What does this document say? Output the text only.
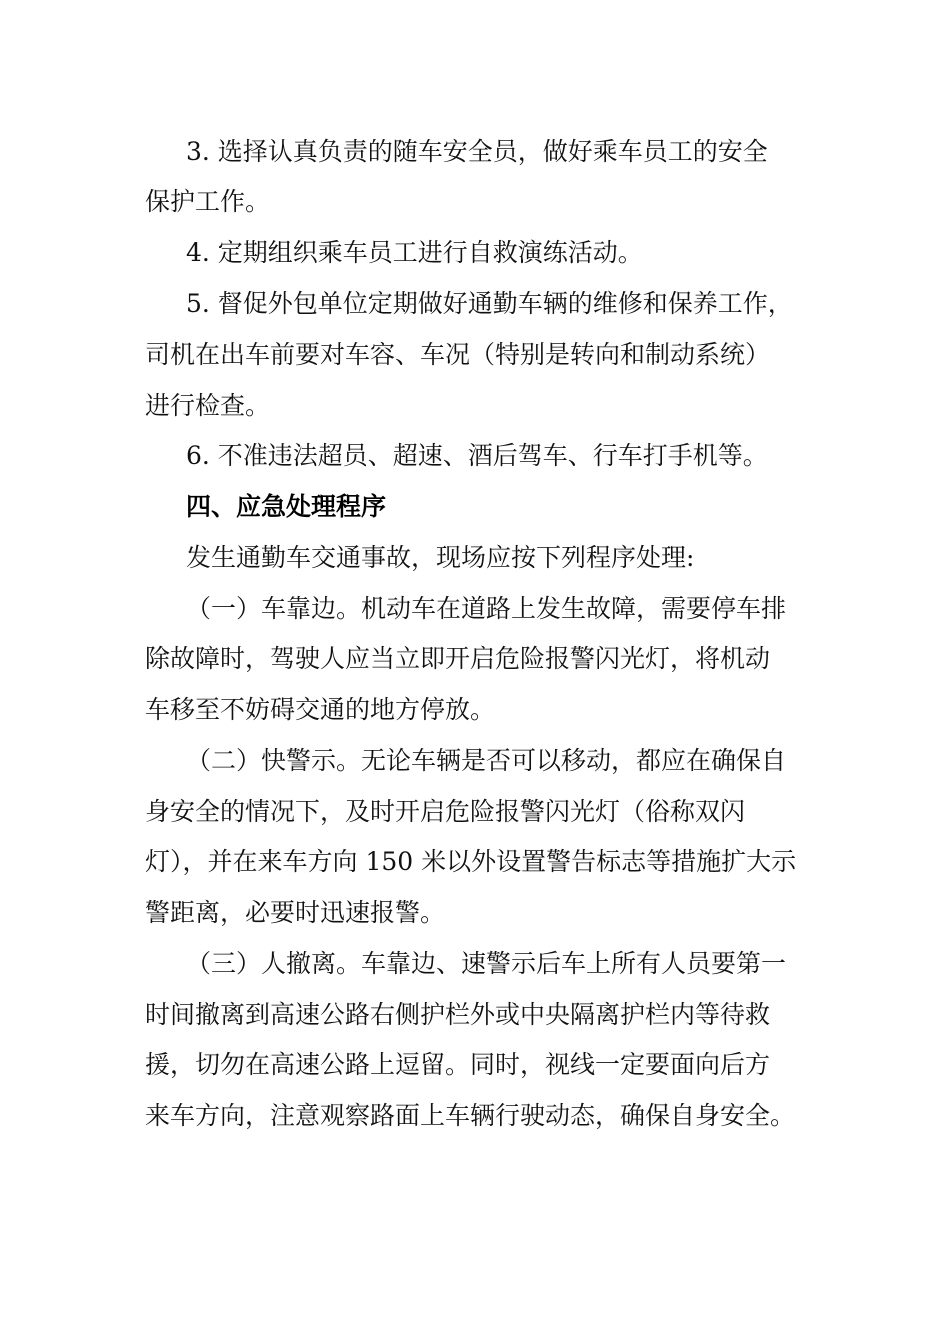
3. 选择认真负责的随车安全员，做好乘车员工的安全
保护工作。
4. 定期组织乘车员工进行自救演练活动。
5. 督促外包单位定期做好通勤车辆的维修和保养工作，
司机在出车前要对车容、车况（特别是转向和制动系统）
进行检查。
6. 不准违法超员、超速、酒后驾车、行车打手机等。
四、应急处理程序
发生通勤车交通事故，现场应按下列程序处理:
（一）车靠边。机动车在道路上发生故障，需要停车排
除故障时，驾驶人应当立即开启危险报警闪光灯，将机动
车移至不妨碍交通的地方停放。
（二）快警示。无论车辆是否可以移动，都应在确保自
身安全的情况下，及时开启危险报警闪光灯（俗称双闪
灯），并在来车方向 150 米以外设置警告标志等措施扩大示
警距离，必要时迅速报警。
（三）人撤离。车靠边、速警示后车上所有人员要第一
时间撤离到高速公路右侧护栏外或中央隔离护栏内等待救
援，切勿在高速公路上逗留。同时，视线一定要面向后方
来车方向，注意观察路面上车辆行驶动态，确保自身安全。
